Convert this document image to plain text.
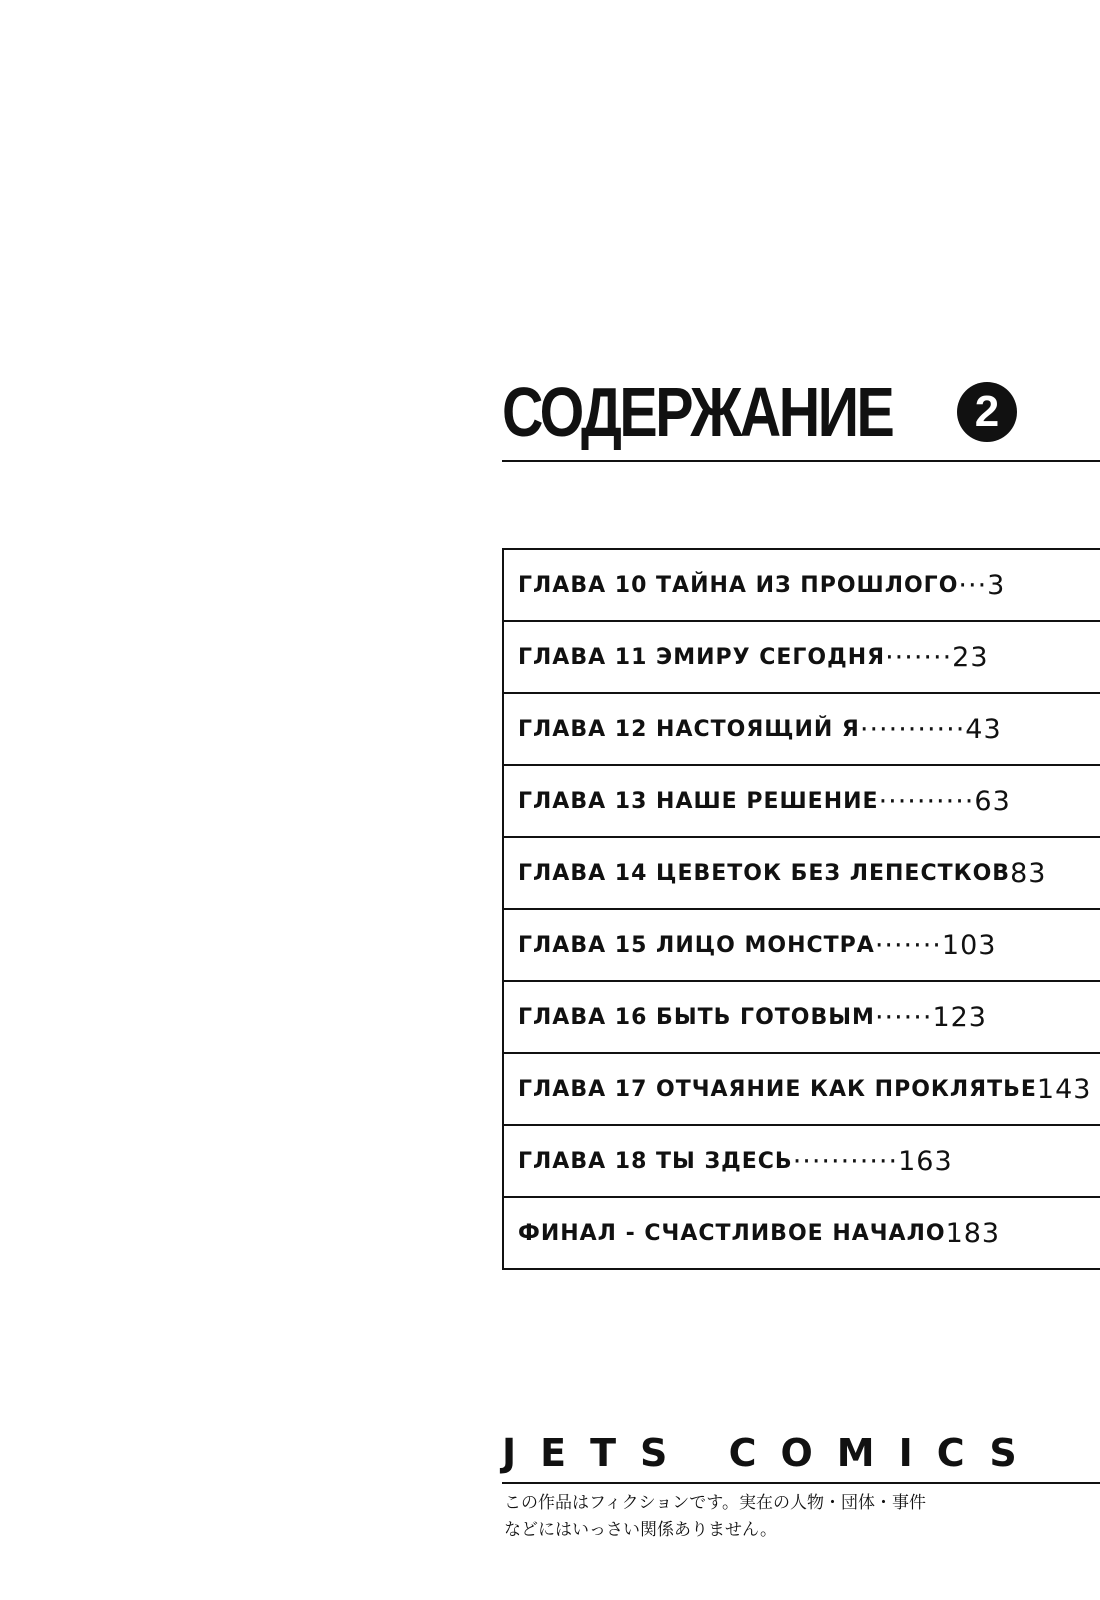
СОДЕРЖАНИЕ	2
ГЛАВА 10 ТАЙНА ИЗ ПРОШЛОГО ··· 3
ГЛАВА 11 ЭМИРУ СЕГОДНЯ ······· 23
ГЛАВА 12 НАСТОЯЩИЙ Я ··········· 43
ГЛАВА 13 НАШЕ РЕШЕНИЕ ·········· 63
ГЛАВА 14 ЦЕВЕТОК БЕЗ ЛЕПЕСТКОВ 83
ГЛАВА 15 ЛИЦО МОНСТРА ······· 103
ГЛАВА 16 БЫТЬ ГОТОВЫМ ······ 123
ГЛАВА 17 ОТЧАЯНИЕ КАК ПРОКЛЯТЬЕ 143
ГЛАВА 18 ТЫ ЗДЕСЬ ··········· 163
ФИНАЛ - СЧАСТЛИВОЕ НАЧАЛО 183
JETS COMICS
この作品はフィクションです。実在の人物・団体・事件
などにはいっさい関係ありません。
